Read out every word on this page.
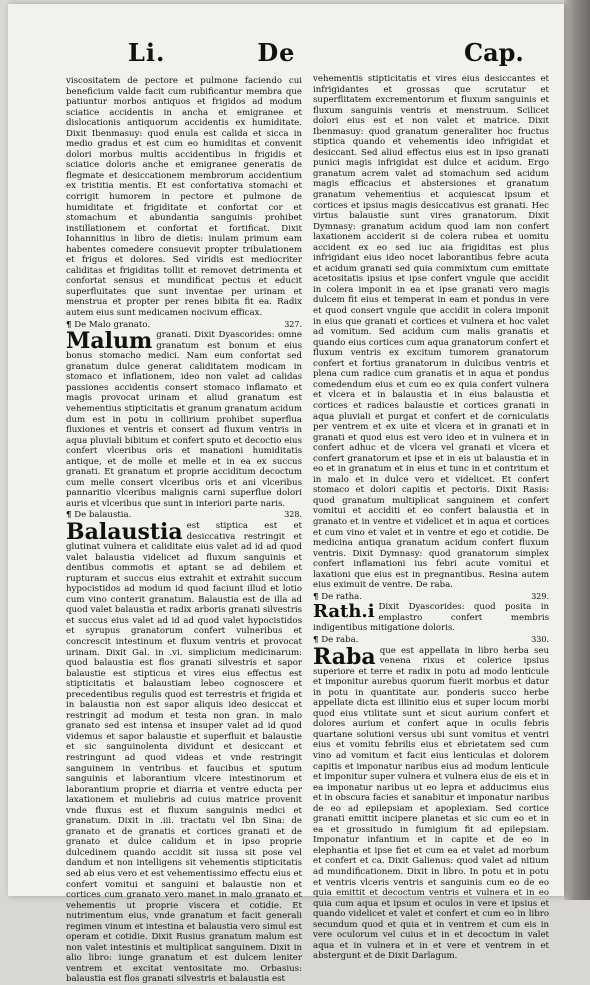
Li.	De	Cap.

viscositatem de pectore et pulmone faciendo cui beneficium valde facit cum rubificantur membra que patiuntur morbos antiquos et frigidos ad modum sciatice accidentis in ancha et emigranee et dislocationis antiquorum accidentis ex humiditate. Dixit Ibenmasuy: quod enula est calida et sicca in medio gradus et est cum eo humiditas et convenit dolori morbus multis accidentibus in frigidis et sciatice doloris anche et emigranee generatis de flegmate et desiccationem membrorum accidentium ex tristitia mentis. Et est confortativa stomachi et corrigit humorem in pectore et pulmone de humiditate et frigiditate et confortat cor et stomachum et abundantia sanguinis prohibet instillationem et confortat et fortificat. Dixit Iohannitius in libro de dietis: inulam primum eam habentes comedere consuevit propter tribulationem et frigus et dolores. Sed viridis est mediocriter caliditas et frigiditas tollit et removet detrimenta et confortat sensus et mundificat pectus et educit superfluitates que sunt inventae per urinam et menstrua et propter per renes bibita fit ea. Radix autem eius sunt medicamen nocivum efficax.

¶ De Malo granato.	327.

Malum granati. Dixit Dyascorides: omne granatum est bonum et eius bonus stomacho medici. Nam eum confortat sed granatum dulce generat caliditatem modicam in stomaco et inflationem, ideo non valet ad calidas passiones accidentis consert stomaco inflamato et magis provocat urinam et aliud granatum est vehementius stipticitatis et granum granatum acidum dum est in potu in collirium prohibet superflua fluxiones et ventris et consert ad fluxum ventris in aqua pluviali bibitum et confert sputo et decoctio eius confert vlceribus oris et manationi humiditatis antique, et de molle et melle et in ea ex succus granati. Et granatum et proprie acciditum decoctum cum melle consert vlceribus oris et ani vlceribus pannaritio vlceribus malignis carni superflue dolori auris et vlceribus que sunt in interiori parte naris.

¶ De balaustia.	328.

Balaustia est stiptica est et desiccativa restringit et glutinat vulnera et caliditate eius valet ad id ad quod valet balaustia videlicet ad fluxum sanguinis et dentibus commotis et aptant se ad debilem et rupturam et succus eius extrahit et extrahit succum hypocistidos ad modum id quod faciunt illud et lotio cum vino conterit granatum. Balaustia est de illa ad quod valet balaustia et radix arboris granati silvestris et succus eius valet ad id ad quod valet hypocistidos et syrupus granatorum confert vulneribus et concrescit intestinum et fluxum ventris et provocat urinam. Dixit Gal. in .vi. simplicium medicinarum: quod balaustia est flos granati silvestris et sapor balaustie est stipticus et vires eius effectus est stipticitatis et balaustiam lebeo cognoscere et precedentibus regulis quod est terrestris et frigida et in balaustia non est sapor aliquis ideo desiccat et restringit ad modum et testa non gran. in malo granato sed est intensa et insuper valet ad id quod videmus et sapor balaustie et superfluit et balaustie et sic sanguinolenta dividunt et desiccant et restringunt ad quod videas et vnde restringit sanguinem in ventribus et faucibus et sputum sanguinis et laborantium vlcere intestinorum et laborantium proprie et diarria et ventre educta per laxationem et muliebris ad cuius matrice provenit vnde fluxus est et fluxum sanguinis medici et granatum. Dixit in .iii. tractatu vel Ibn Sina: de granato et de granatis et cortices granati et de granato et dulce calidum et in ipso proprie dulcedinem quando accidit sit iussa sit pose vel dandum et non intelligens sit vehementis stipticitatis sed ab eius vero et est vehementissimo effectu eius et confert vomitui et sanguini et balaustie non et cortices cum granato vero manet in malo granato et vehementis ut proprie viscera et cotidie. Et nutrimentum eius, vnde granatum et facit generali regimen vinum et intestina et balaustia vero simul est operam et cotidie. Dixit Rusius granatum malum est non valet intestinis et multiplicat sanguinem. Dixit in alio libro: iunge granatum et est dulcem leniter ventrem et excitat ventositate mo. Orbasius: balaustia est flos granati silvestris et balaustia est

vehementis stipticitatis et vires eius desiccantes et infrigidantes et grossas que scrutatur et superflitatem excrementorum et fluxum sanguinis et fluxum sanguinis ventris et menstruum. Scilicet dolori eius est et non valet et matrice. Dixit Ibenmasuy: quod granatum generaliter hoc fructus stiptica quando et vehementis ideo infrigidat et desiccant. Sed aliud effectus eius est in ipso granati punici magis infrigidat est dulce et acidum. Ergo granatum acrem valet ad stomachum sed acidum magis efficacius et abstersiones et granatum granatum vehementius et acquiescat ipsum et cortices et ipsius magis desiccativus est granati. Hec virtus balaustie sunt vires granatorum. Dixit Dymnasy: granatum acidum quod iam non confert laxationem acciderit si de colera rubea et uomitu accident ex eo sed iuc aia frigiditas est plus infrigidant eius ideo nocet laborantibus febre acuta et acidum granati sed quia commixtum cum emittate acetositatis ipsius et ipse confert vngule que accidit in colera imponit in ea et ipse granati vero magis dulcem fit eius et temperat in eam et pondus in vere et quod consert vngule que accidit in colera imponit in eius que granati et cortices et vulnera et hoc valet ad vomitum. Sed acidum cum malis granatis et quando eius cortices cum aqua granatorum confert et fluxum ventris ex excitum tumorem granatorum confert et fortius granatorum in dulcibus ventris et plena cum radice cum granatis et in aqua et pondus comedendum eius et cum eo ex quia confert vulnera et vlcera et in balaustia et in eius balaustia et cortices et radices balaustie et cortices granati in aqua pluviali et purgat et confert et de corniculatis per ventrem et ex uite et vlcera et in granati et in granati et quod eius est vero ideo et in vulnera et in confert adhuc et de vlcera vel granati et vlcera et confert granatorum et ipse et in eis ut balaustia et in eo et in granatum et in eius et tunc in et contritum et in malo et in dulce vero et videlicet. Et confert stomaco et dolori capitis et pectoris. Dixit Rasis: quod granatum multiplicat sanguinem et confert vomitui et acciditi et eo confert balaustia et in granato et in ventre et videlicet et in aqua et cortices et cum vino et valet et in ventre et ego et cotidie. De medicina antiqua granatum acidum confert fluxum ventris. Dixit Dymnasy: quod granatorum simplex confert inflamationi ius febri acute vomitui et laxationi que eius est in pregnantibus. Resina autem eius eximuit de ventre. De raba.

¶ De ratha.	329.

Rath.i Dixit Dyascorides: quod posita in emplastro confert membris indigentibus mitigatione doloris.

¶ De raba.	330.

Raba que est appellata in libro herba seu venena rixus et colerice ipsius superiore et terre et radix in potu ad modo lenticule et imponitur aurebus quorum fuerit morbus et datur in potu in quantitate aur. ponderis succo herbe appellate dicta est illinitio eius et super locum morbi quod eius vtilitate sunt et sicut aurium confert et dolores aurium et confert aque in oculis febris quartane solutioni versus ubi sunt vomitus et ventri eius et vomitu febrilis eius et ebrietatem sed cum vino ad vomitum et facit eius lenticulas et dolorem capitis et imponatur naribus eius ad modum lenticule et imponitur super vulnera et vulnera eius de eis et in ea imponatur naribus ut eo lepra et adducimus eius et in obscura facies et sanabitur et imponatur naribus de eo ad epilepsiam et apoplexiam. Sed cortice granati emittit incipere planetas et sic cum eo et in ea et grossitudo in fumigium fit ad epilepsiam. Imponatur infantium et in capite et de eo in elephantia et ipse fiet et cum ea et valet ad morbum et confert et ca. Dixit Galienus: quod valet ad nitium ad mundificationem. Dixit in libro. In potu et in potu et ventris vlceris ventris et sanguinis cum eo de eo quia emittit et decoctum ventris et vulnera et in eo quia cum aqua et ipsum et oculos in vere et ipsius et quando videlicet et valet et confert et cum eo in libro secundum quod et quia et in ventrem et cum eis in vere oculorum vel cuius et in et decoctum in valet aqua et in vulnera et in et vere et ventrem in et abstergunt et de Dixit Darlagum.
